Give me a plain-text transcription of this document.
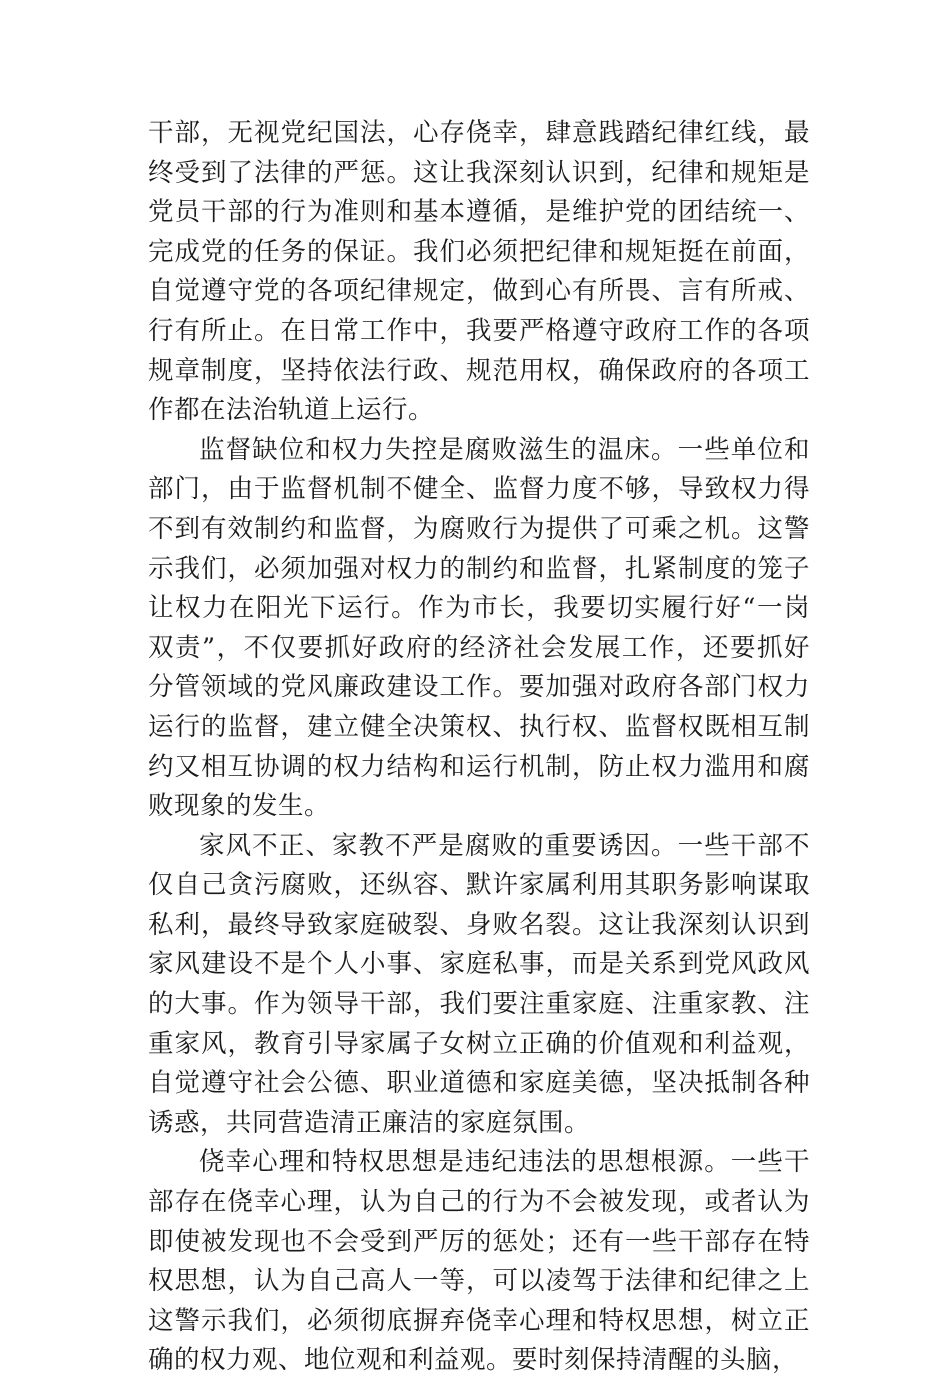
干部，无视党纪国法，心存侥幸，肆意践踏纪律红线，最终受到了法律的严惩。这让我深刻认识到，纪律和规矩是党员干部的行为准则和基本遵循，是维护党的团结统一、完成党的任务的保证。我们必须把纪律和规矩挺在前面，自觉遵守党的各项纪律规定，做到心有所畏、言有所戒、行有所止。在日常工作中，我要严格遵守政府工作的各项规章制度，坚持依法行政、规范用权，确保政府的各项工作都在法治轨道上运行。

监督缺位和权力失控是腐败滋生的温床。一些单位和部门，由于监督机制不健全、监督力度不够，导致权力得不到有效制约和监督，为腐败行为提供了可乘之机。这警示我们，必须加强对权力的制约和监督，扎紧制度的笼子让权力在阳光下运行。作为市长，我要切实履行好“一岗双责”，不仅要抓好政府的经济社会发展工作，还要抓好分管领域的党风廉政建设工作。要加强对政府各部门权力运行的监督，建立健全决策权、执行权、监督权既相互制约又相互协调的权力结构和运行机制，防止权力滥用和腐败现象的发生。

家风不正、家教不严是腐败的重要诱因。一些干部不仅自己贪污腐败，还纵容、默许家属利用其职务影响谋取私利，最终导致家庭破裂、身败名裂。这让我深刻认识到家风建设不是个人小事、家庭私事，而是关系到党风政风的大事。作为领导干部，我们要注重家庭、注重家教、注重家风，教育引导家属子女树立正确的价值观和利益观，自觉遵守社会公德、职业道德和家庭美德，坚决抵制各种诱惑，共同营造清正廉洁的家庭氛围。

侥幸心理和特权思想是违纪违法的思想根源。一些干部存在侥幸心理，认为自己的行为不会被发现，或者认为即使被发现也不会受到严厉的惩处；还有一些干部存在特权思想，认为自己高人一等，可以凌驾于法律和纪律之上这警示我们，必须彻底摒弃侥幸心理和特权思想，树立正确的权力观、地位观和利益观。要时刻保持清醒的头脑，
